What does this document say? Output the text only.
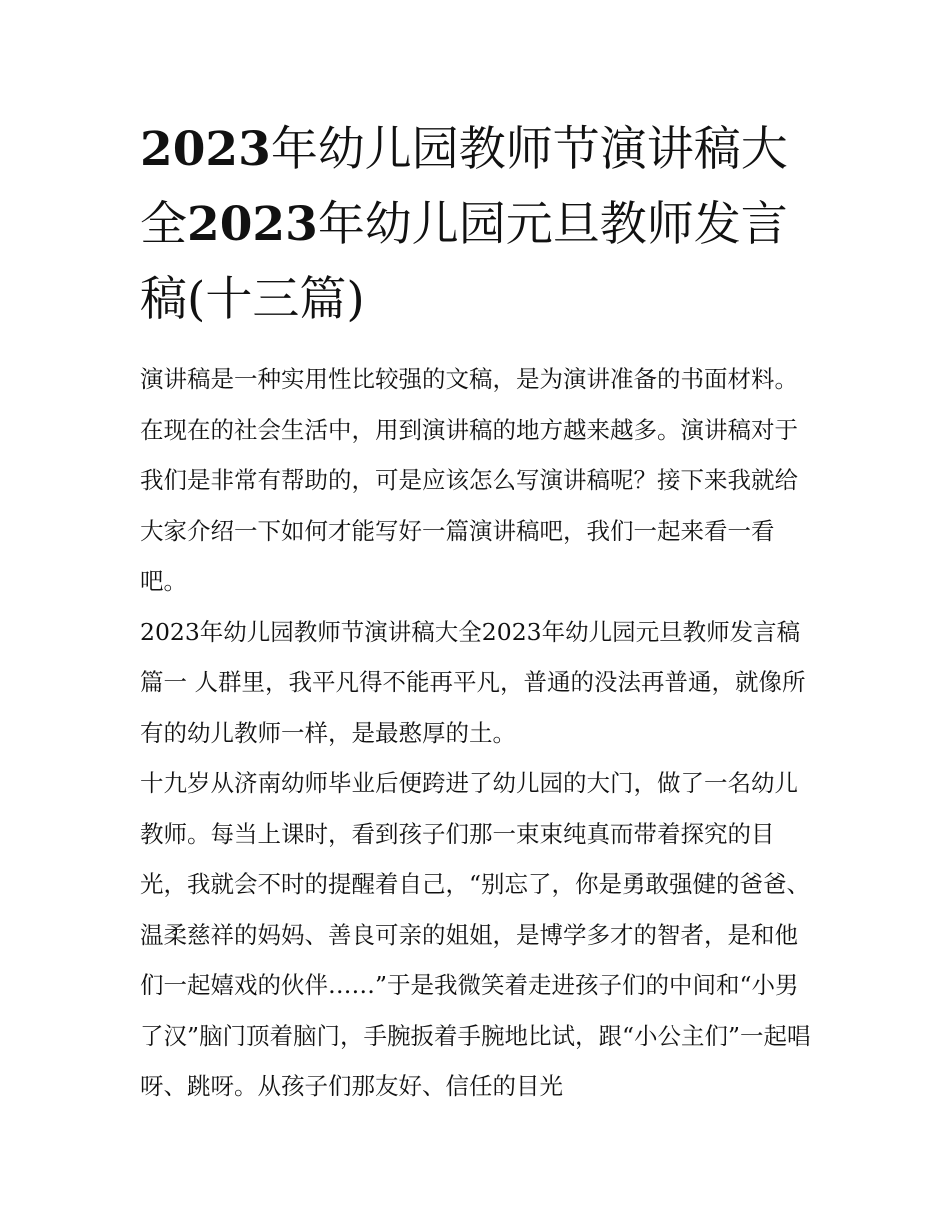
2023年幼儿园教师节演讲稿大全2023年幼儿园元旦教师发言稿(十三篇)

演讲稿是一种实用性比较强的文稿，是为演讲准备的书面材料。在现在的社会生活中，用到演讲稿的地方越来越多。演讲稿对于我们是非常有帮助的，可是应该怎么写演讲稿呢？接下来我就给大家介绍一下如何才能写好一篇演讲稿吧，我们一起来看一看吧。

2023年幼儿园教师节演讲稿大全2023年幼儿园元旦教师发言稿篇一 人群里，我平凡得不能再平凡，普通的没法再普通，就像所有的幼儿教师一样，是最憨厚的土。

十九岁从济南幼师毕业后便跨进了幼儿园的大门，做了一名幼儿教师。每当上课时，看到孩子们那一束束纯真而带着探究的目光，我就会不时的提醒着自己，“别忘了，你是勇敢强健的爸爸、温柔慈祥的妈妈、善良可亲的姐姐，是博学多才的智者，是和他们一起嬉戏的伙伴……”于是我微笑着走进孩子们的中间和“小男了汉”脑门顶着脑门，手腕扳着手腕地比试，跟“小公主们”一起唱呀、跳呀。从孩子们那友好、信任的目光
